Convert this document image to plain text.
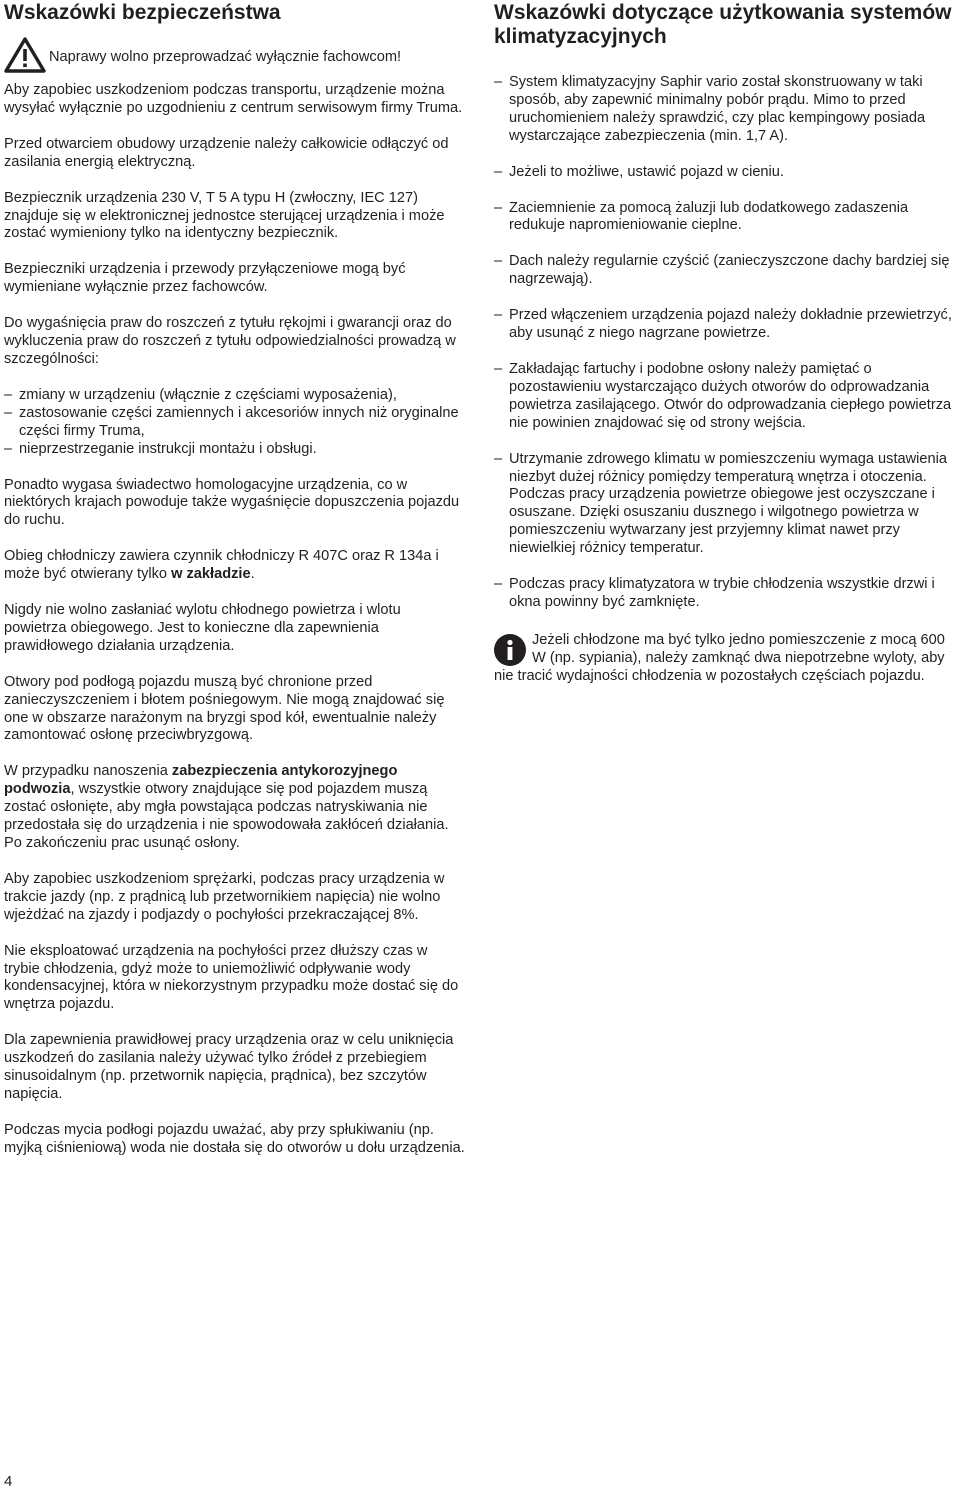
Wskazówki bezpieczeństwa

Naprawy wolno przeprowadzać wyłącznie fachowcom!

Aby zapobiec uszkodzeniom podczas transportu, urządzenie można wysyłać wyłącznie po uzgodnieniu z centrum serwisowym firmy Truma.

Przed otwarciem obudowy urządzenie należy całkowicie odłączyć od zasilania energią elektryczną.

Bezpiecznik urządzenia 230 V, T 5 A typu H (zwłoczny, IEC 127) znajduje się w elektronicznej jednostce sterującej urządzenia i może zostać wymieniony tylko na identyczny bezpiecznik.

Bezpieczniki urządzenia i przewody przyłączeniowe mogą być wymieniane wyłącznie przez fachowców.

Do wygaśnięcia praw do roszczeń z tytułu rękojmi i gwarancji oraz do wykluczenia praw do roszczeń z tytułu odpowiedzialności prowadzą w szczególności:

– zmiany w urządzeniu (włącznie z częściami wyposażenia),
– zastosowanie części zamiennych i akcesoriów innych niż oryginalne części firmy Truma,
– nieprzestrzeganie instrukcji montażu i obsługi.

Ponadto wygasa świadectwo homologacyjne urządzenia, co w niektórych krajach powoduje także wygaśnięcie dopuszczenia pojazdu do ruchu.

Obieg chłodniczy zawiera czynnik chłodniczy R 407C oraz R 134a i może być otwierany tylko w zakładzie.

Nigdy nie wolno zasłaniać wylotu chłodnego powietrza i wlotu powietrza obiegowego. Jest to konieczne dla zapewnienia prawidłowego działania urządzenia.

Otwory pod podłogą pojazdu muszą być chronione przed zanieczyszczeniem i błotem pośniegowym. Nie mogą znajdować się one w obszarze narażonym na bryzgi spod kół, ewentualnie należy zamontować osłonę przeciwbryzgową.

W przypadku nanoszenia zabezpieczenia antykorozyjnego podwozia, wszystkie otwory znajdujące się pod pojazdem muszą zostać osłonięte, aby mgła powstająca podczas natryskiwania nie przedostała się do urządzenia i nie spowodowała zakłóceń działania. Po zakończeniu prac usunąć osłony.

Aby zapobiec uszkodzeniom sprężarki, podczas pracy urządzenia w trakcie jazdy (np. z prądnicą lub przetwornikiem napięcia) nie wolno wjeżdżać na zjazdy i podjazdy o pochyłości przekraczającej 8%.

Nie eksploatować urządzenia na pochyłości przez dłuższy czas w trybie chłodzenia, gdyż może to uniemożliwić odpływanie wody kondensacyjnej, która w niekorzystnym przypadku może dostać się do wnętrza pojazdu.

Dla zapewnienia prawidłowej pracy urządzenia oraz w celu uniknięcia uszkodzeń do zasilania należy używać tylko źródeł z przebiegiem sinusoidalnym (np. przetwornik napięcia, prądnica), bez szczytów napięcia.

Podczas mycia podłogi pojazdu uważać, aby przy spłukiwaniu (np. myjką ciśnieniową) woda nie dostała się do otworów u dołu urządzenia.

Wskazówki dotyczące użytkowania systemów klimatyzacyjnych
– System klimatyzacyjny Saphir vario został skonstruowany w taki sposób, aby zapewnić minimalny pobór prądu. Mimo to przed uruchomieniem należy sprawdzić, czy plac kempingowy posiada wystarczające zabezpieczenia (min. 1,7 A).
– Jeżeli to możliwe, ustawić pojazd w cieniu.
– Zaciemnienie za pomocą żaluzji lub dodatkowego zadaszenia redukuje napromieniowanie cieplne.
– Dach należy regularnie czyścić (zanieczyszczone dachy bardziej się nagrzewają).
– Przed włączeniem urządzenia pojazd należy dokładnie przewietrzyć, aby usunąć z niego nagrzane powietrze.
– Zakładając fartuchy i podobne osłony należy pamiętać o pozostawieniu wystarczająco dużych otworów do odprowadzania powietrza zasilającego. Otwór do odprowadzania ciepłego powietrza nie powinien znajdować się od strony wejścia.
– Utrzymanie zdrowego klimatu w pomieszczeniu wymaga ustawienia niezbyt dużej różnicy pomiędzy temperaturą wnętrza i otoczenia. Podczas pracy urządzenia powietrze obiegowe jest oczyszczane i osuszane. Dzięki osuszaniu dusznego i wilgotnego powietrza w pomieszczeniu wytwarzany jest przyjemny klimat nawet przy niewielkiej różnicy temperatur.
– Podczas pracy klimatyzatora w trybie chłodzenia wszystkie drzwi i okna powinny być zamknięte.
Jeżeli chłodzone ma być tylko jedno pomieszczenie z mocą 600 W (np. sypiania), należy zamknąć dwa niepotrzebne wyloty, aby nie tracić wydajności chłodzenia w pozostałych częściach pojazdu.
4
